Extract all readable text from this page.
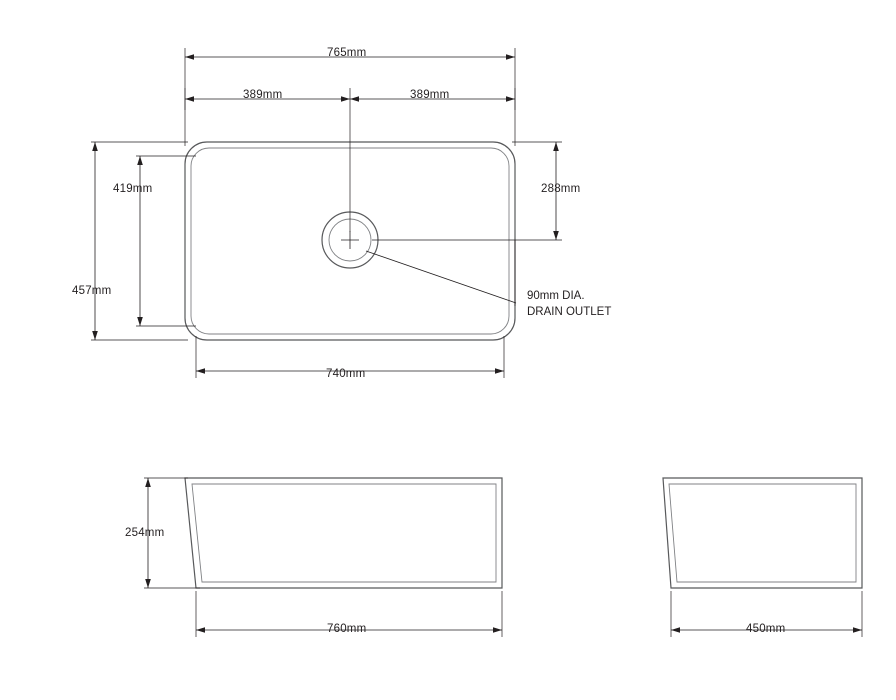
765mm
389mm	389mm
419mm
457mm
288mm
740mm
254mm
760mm	450mm
90mm DIA.
DRAIN OUTLET
